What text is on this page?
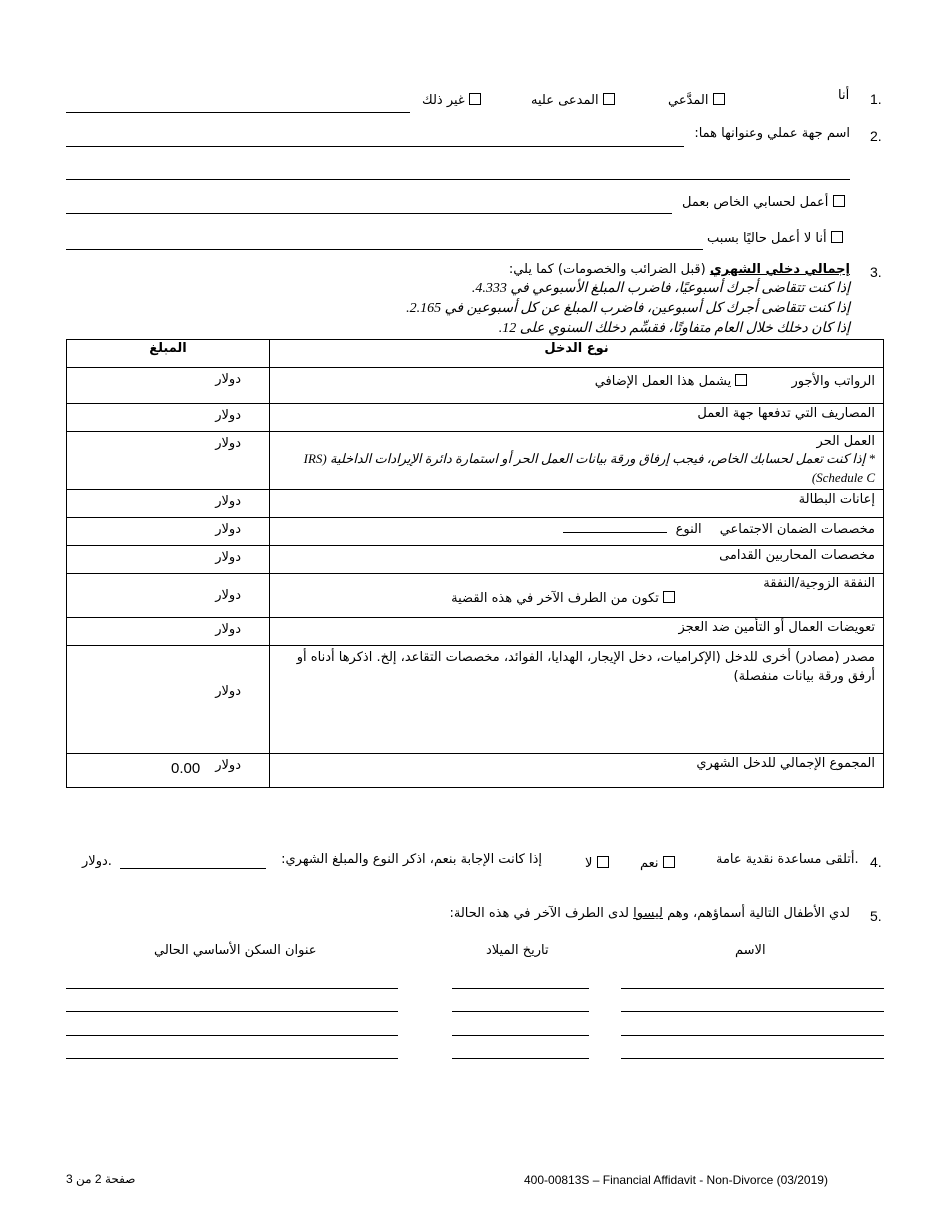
1.
أنا
المدَّعي
المدعى عليه
غير ذلك
2.
اسم جهة عملي وعنوانها هما:
أعمل لحسابي الخاص بعمل
أنا لا أعمل حاليًا بسبب
3.
إجمالي دخلي الشهري (قبل الضرائب والخصومات) كما يلي:
إذا كنت تتقاضى أجرك أسبوعيًا، فاضرب المبلغ الأسبوعي في 4.333.
إذا كنت تتقاضى أجرك كل أسبوعين، فاضرب المبلغ عن كل أسبوعين في 2.165.
إذا كان دخلك خلال العام متفاوتًا، فقسِّم دخلك السنوي على 12.
نوع الدخل	المبلغ
الرواتب والأجور  يشمل هذا العمل الإضافي	دولار

المصاريف التي تدفعها جهة العمل	دولار

العمل الحر
* إذا كنت تعمل لحسابك الخاص، فيجب إرفاق ورقة بيانات العمل الحر أو استمارة دائرة الإيرادات الداخلية (IRS Schedule C)	دولار

إعانات البطالة	دولار

مخصصات الضمان الاجتماعي النوع	دولار

مخصصات المحاربين القدامى	دولار

النفقة الزوجية/النفقة
تكون من الطرف الآخر في هذه القضية	دولار

تعويضات العمال أو التأمين ضد العجز	دولار

مصدر (مصادر) أخرى للدخل (الإكراميات، دخل الإيجار، الهدايا، الفوائد، مخصصات التقاعد، إلخ. اذكرها أدناه أو أرفق ورقة بيانات منفصلة)	دولار

المجموع الإجمالي للدخل الشهري	دولار
0.00
4.
أتلقى مساعدة نقدية عامة.
نعم
لا
إذا كانت الإجابة بنعم، اذكر النوع والمبلغ الشهري:
دولار.
5.
لدي الأطفال التالية أسماؤهم، وهم ليسوا لدى الطرف الآخر في هذه الحالة:
الاسم
تاريخ الميلاد
عنوان السكن الأساسي الحالي
صفحة 2 من 3	400-00813S – Financial Affidavit - Non-Divorce (03/2019)
